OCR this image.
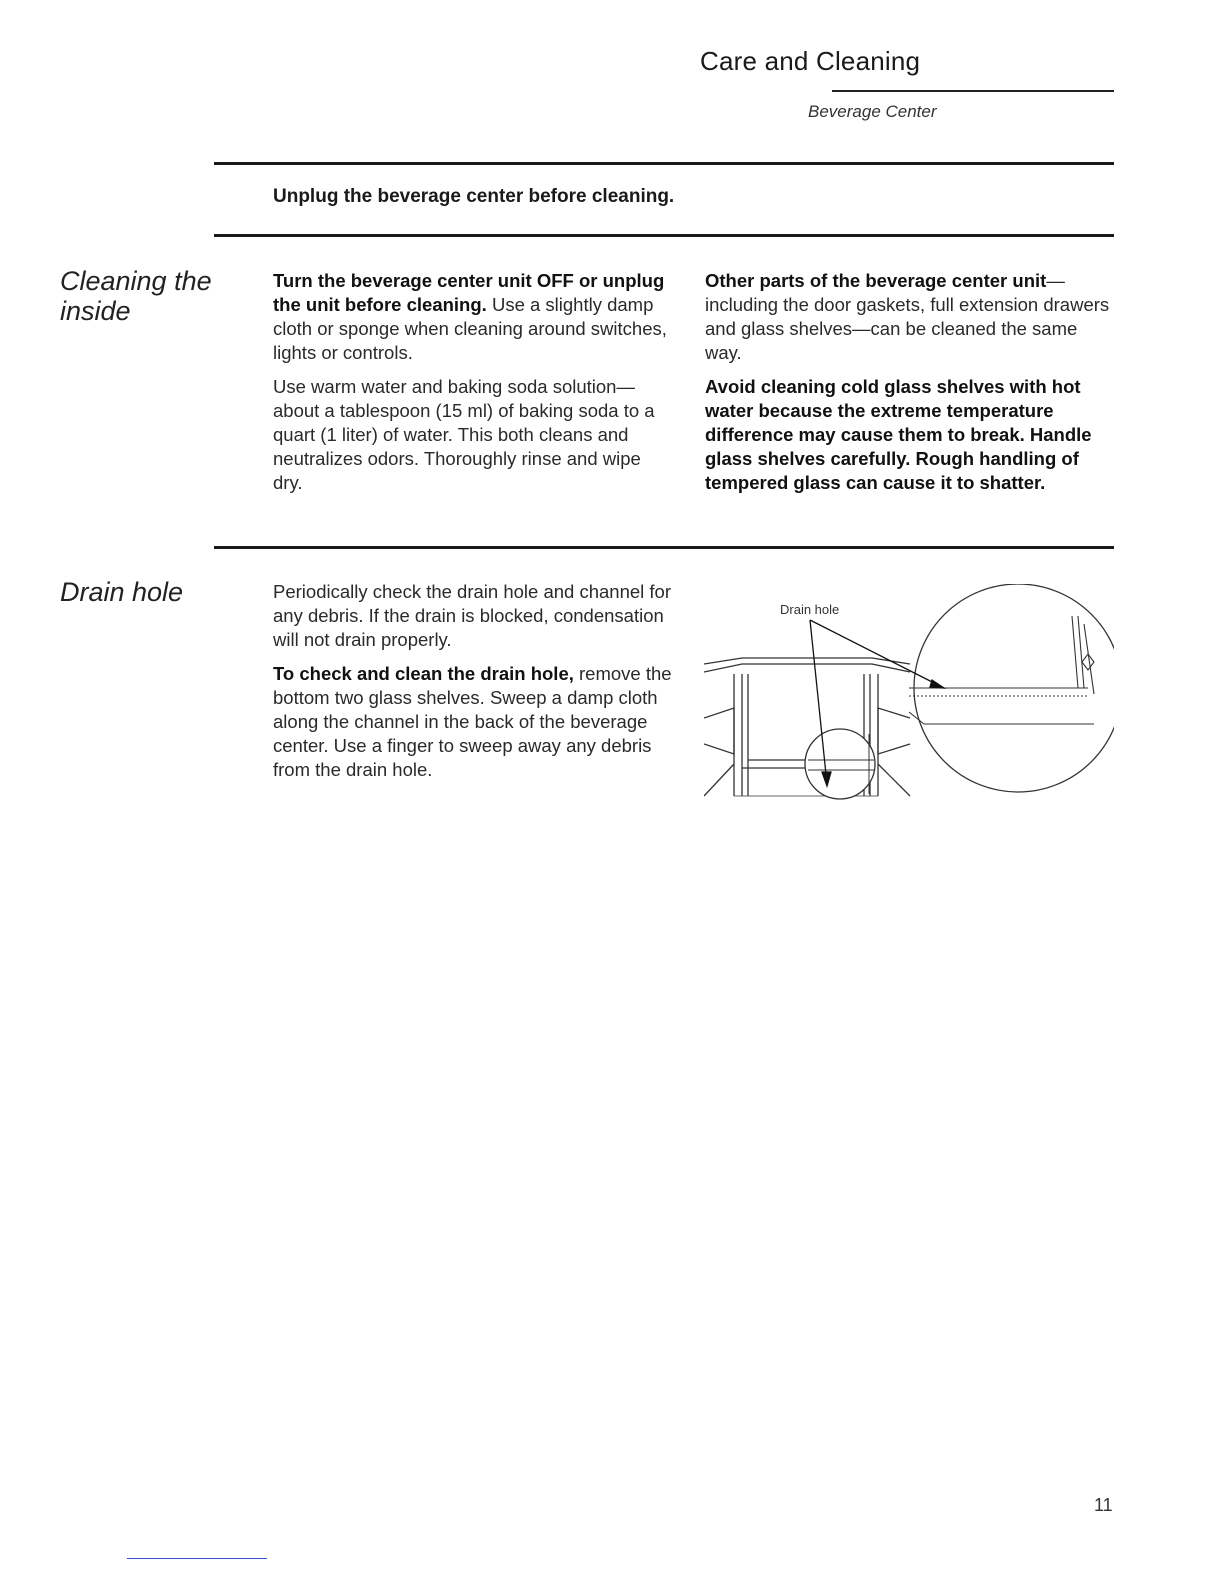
Care and Cleaning
Beverage Center
Unplug the beverage center before cleaning.
Cleaning the
inside

Turn the beverage center unit OFF or unplug the unit before cleaning. Use a slightly damp cloth or sponge when cleaning around switches, lights or controls.

Use warm water and baking soda solution—about a tablespoon (15 ml) of baking soda to a quart (1 liter) of water. This both cleans and neutralizes odors. Thoroughly rinse and wipe dry.

Other parts of the beverage center unit—including the door gaskets, full extension drawers and glass shelves—can be cleaned the same way.

Avoid cleaning cold glass shelves with hot water because the extreme temperature difference may cause them to break. Handle glass shelves carefully. Rough handling of tempered glass can cause it to shatter.

Drain hole	Periodically check the drain hole and channel for any debris. If the drain is blocked, condensation will not drain properly.

To check and clean the drain hole, remove the bottom two glass shelves. Sweep a damp cloth along the channel in the back of the beverage center. Use a finger to sweep away any debris from the drain hole.

Drain hole
11
